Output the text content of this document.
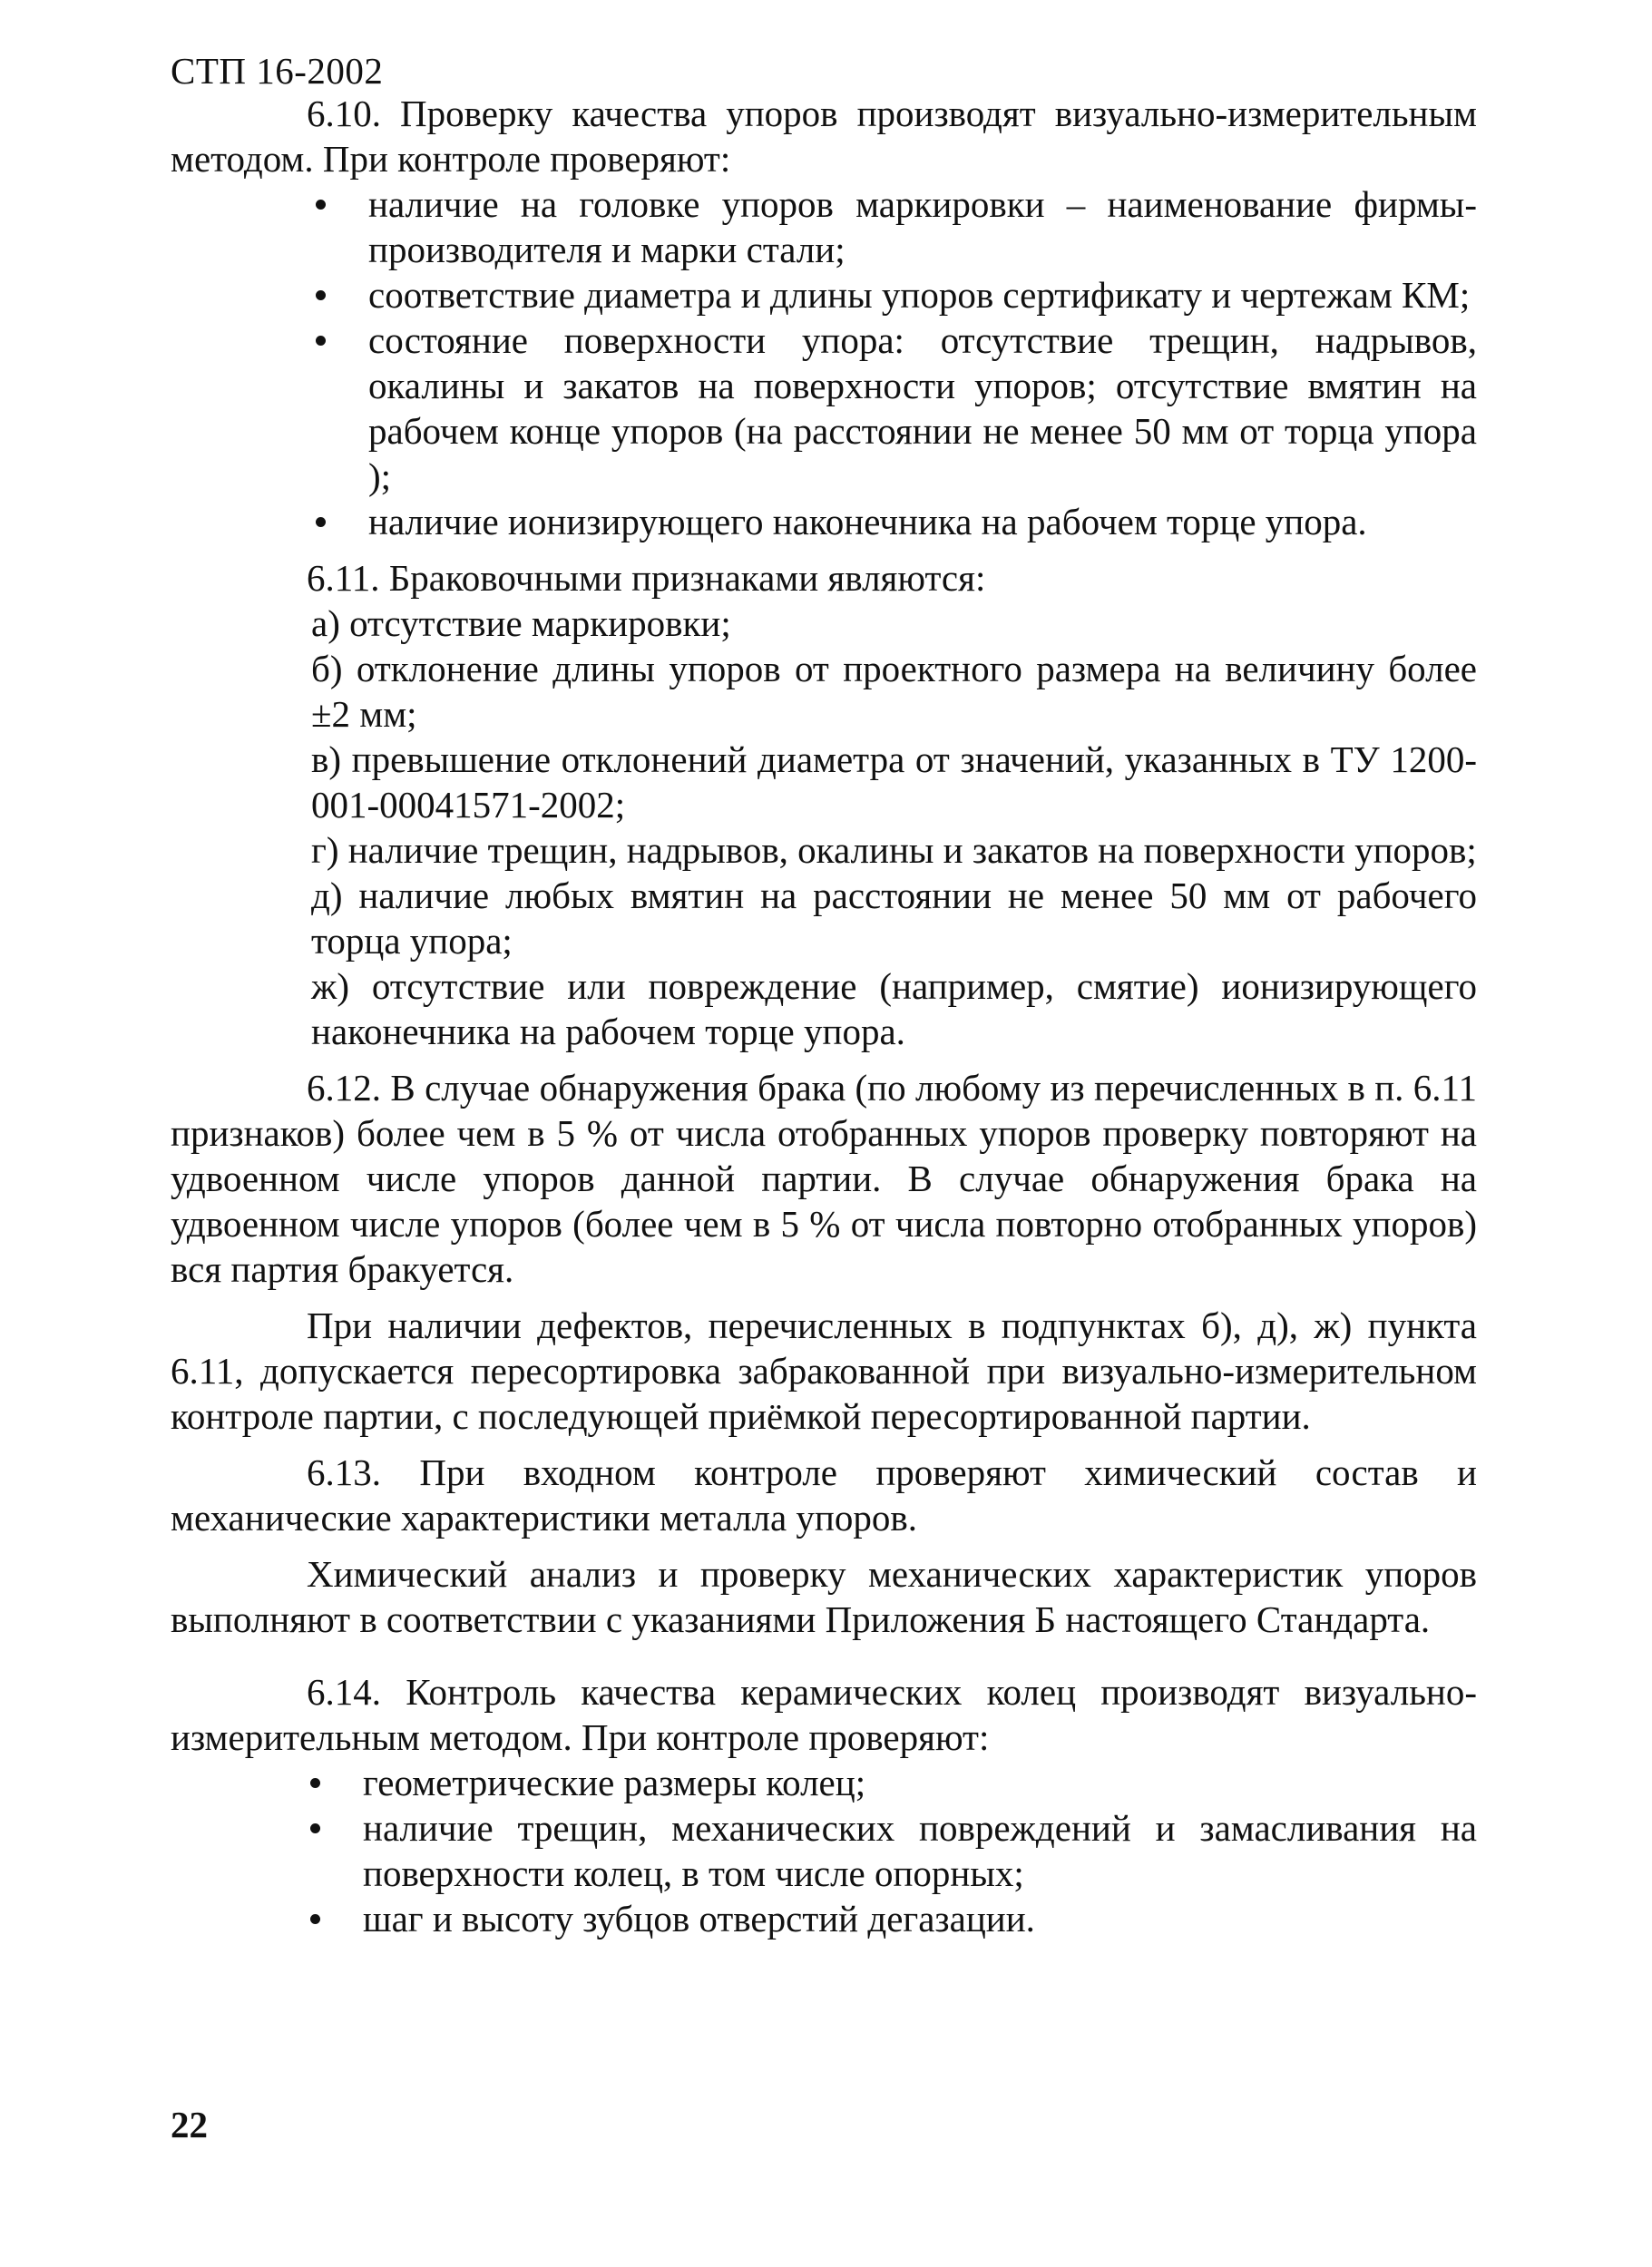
СТП 16-2002

6.10. Проверку качества упоров производят визуально-измерительным методом. При контроле проверяют:

наличие на головке упоров маркировки – наименование фирмы-производителя и марки стали;
соответствие диаметра и длины упоров сертификату и чертежам КМ;
состояние поверхности упора: отсутствие трещин, надрывов, окалины и закатов на поверхности упоров; отсутствие вмятин на рабочем конце упоров (на расстоянии не менее 50 мм от торца упора );
наличие ионизирующего наконечника на рабочем торце упора.

6.11. Браковочными признаками являются:

а) отсутствие маркировки;

б) отклонение длины упоров от проектного размера на величину более ±2 мм;

в) превышение отклонений диаметра от значений, указанных в ТУ 1200-001-00041571-2002;

г) наличие трещин, надрывов, окалины и закатов на поверхности упоров;

д) наличие любых вмятин на расстоянии не менее 50 мм от рабочего торца упора;

ж) отсутствие или повреждение (например, смятие) ионизирующего наконечника на рабочем торце упора.

6.12. В случае обнаружения брака (по любому из перечисленных в п. 6.11 признаков) более чем в 5 % от числа отобранных упоров проверку повторяют на удвоенном числе упоров данной партии. В случае обнаружения брака на удвоенном числе упоров (более чем в 5 % от числа повторно отобранных упоров) вся партия бракуется.

При наличии дефектов, перечисленных в подпунктах б), д), ж) пункта 6.11, допускается пересортировка забракованной при визуально-измерительном контроле партии, с последующей приёмкой пересортированной партии.

6.13. При входном контроле проверяют химический состав и механические характеристики металла упоров.

Химический анализ и проверку механических характеристик упоров выполняют в соответствии с указаниями Приложения Б настоящего Стандарта.

6.14. Контроль качества керамических колец производят визуально-измерительным методом. При контроле проверяют:

геометрические размеры колец;
наличие трещин, механических повреждений и замасливания на поверхности колец, в том числе опорных;
шаг и высоту зубцов отверстий дегазации.
22
